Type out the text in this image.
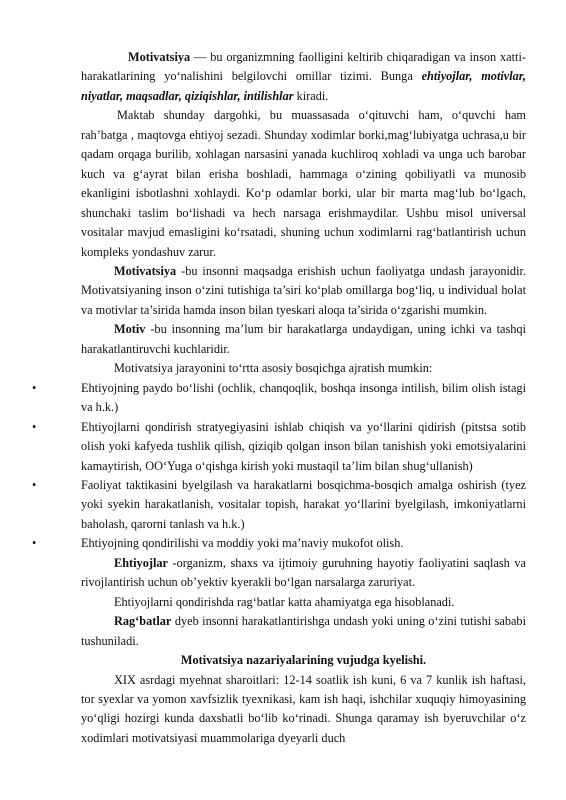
Motivatsiya — bu organizmning faolligini keltirib chiqaradigan va inson xatti-harakatlarining yo‘nalishini belgilovchi omillar tizimi. Bunga ehtiyojlar, motivlar, niyatlar, maqsadlar, qiziqishlar, intilishlar kiradi.

Maktab shunday dargohki, bu muassasada o‘qituvchi ham, o‘quvchi ham rah’batga , maqtovga ehtiyoj sezadi. Shunday xodimlar borki,mag‘lubiyatga uchrasa,u bir qadam orqaga burilib, xohlagan narsasini yanada kuchliroq xohladi va unga uch barobar kuch va g‘ayrat bilan erisha boshladi, hammaga o‘zining qobiliyatli va munosib ekanligini isbotlashni xohlaydi. Ko‘p odamlar borki, ular bir marta mag‘lub bo‘lgach, shunchaki taslim bo‘lishadi va hech narsaga erishmaydilar. Ushbu misol universal vositalar mavjud emasligini ko‘rsatadi, shuning uchun xodimlarni rag‘batlantirish uchun kompleks yondashuv zarur.

Motivatsiya -bu insonni maqsadga erishish uchun faoliyatga undash jarayonidir. Motivatsiyaning inson o‘zini tutishiga ta’siri ko‘plab omillarga bog‘liq, u individual holat va motivlar ta’sirida hamda inson bilan tyeskari aloqa ta’sirida o‘zgarishi mumkin.

Motiv -bu insonning ma’lum bir harakatlarga undaydigan, uning ichki va tashqi harakatlantiruvchi kuchlaridir.

Motivatsiya jarayonini to‘rtta asosiy bosqichga ajratish mumkin:

•	Ehtiyojning paydo bo‘lishi (ochlik, chanqoqlik, boshqa insonga intilish, bilim olish istagi va h.k.)
•	Ehtiyojlarni qondirish stratyegiyasini ishlab chiqish va yo‘llarini qidirish (pitstsa sotib olish yoki kafyeda tushlik qilish, qiziqib qolgan inson bilan tanishish yoki emotsiyalarini kamaytirish, OO‘Yuga o‘qishga kirish yoki mustaqil ta’lim bilan shug‘ullanish)
•	Faoliyat taktikasini byelgilash va harakatlarni bosqichma-bosqich amalga oshirish (tyez yoki syekin harakatlanish, vositalar topish, harakat yo‘llarini byelgilash, imkoniyatlarni baholash, qarorni tanlash va h.k.)
•	Ehtiyojning qondirilishi va moddiy yoki ma’naviy mukofot olish.

Ehtiyojlar -organizm, shaxs va ijtimoiy guruhning hayotiy faoliyatini saqlash va rivojlantirish uchun ob’yektiv kyerakli bo‘lgan narsalarga zaruriyat.

Ehtiyojlarni qondirishda rag‘batlar katta ahamiyatga ega hisoblanadi.

Rag‘batlar dyeb insonni harakatlantirishga undash yoki uning o‘zini tutishi sababi tushuniladi.

Motivatsiya nazariyalarining vujudga kyelishi.

XIX asrdagi myehnat sharoitlari: 12-14 soatlik ish kuni, 6 va 7 kunlik ish haftasi, tor syexlar va yomon xavfsizlik tyexnikasi, kam ish haqi, ishchilar xuquqiy himoyasining yo‘qligi hozirgi kunda daxshatli bo‘lib ko‘rinadi. Shunga qaramay ish byeruvchilar o‘z xodimlari motivatsiyasi muammolariga dyeyarli duch
